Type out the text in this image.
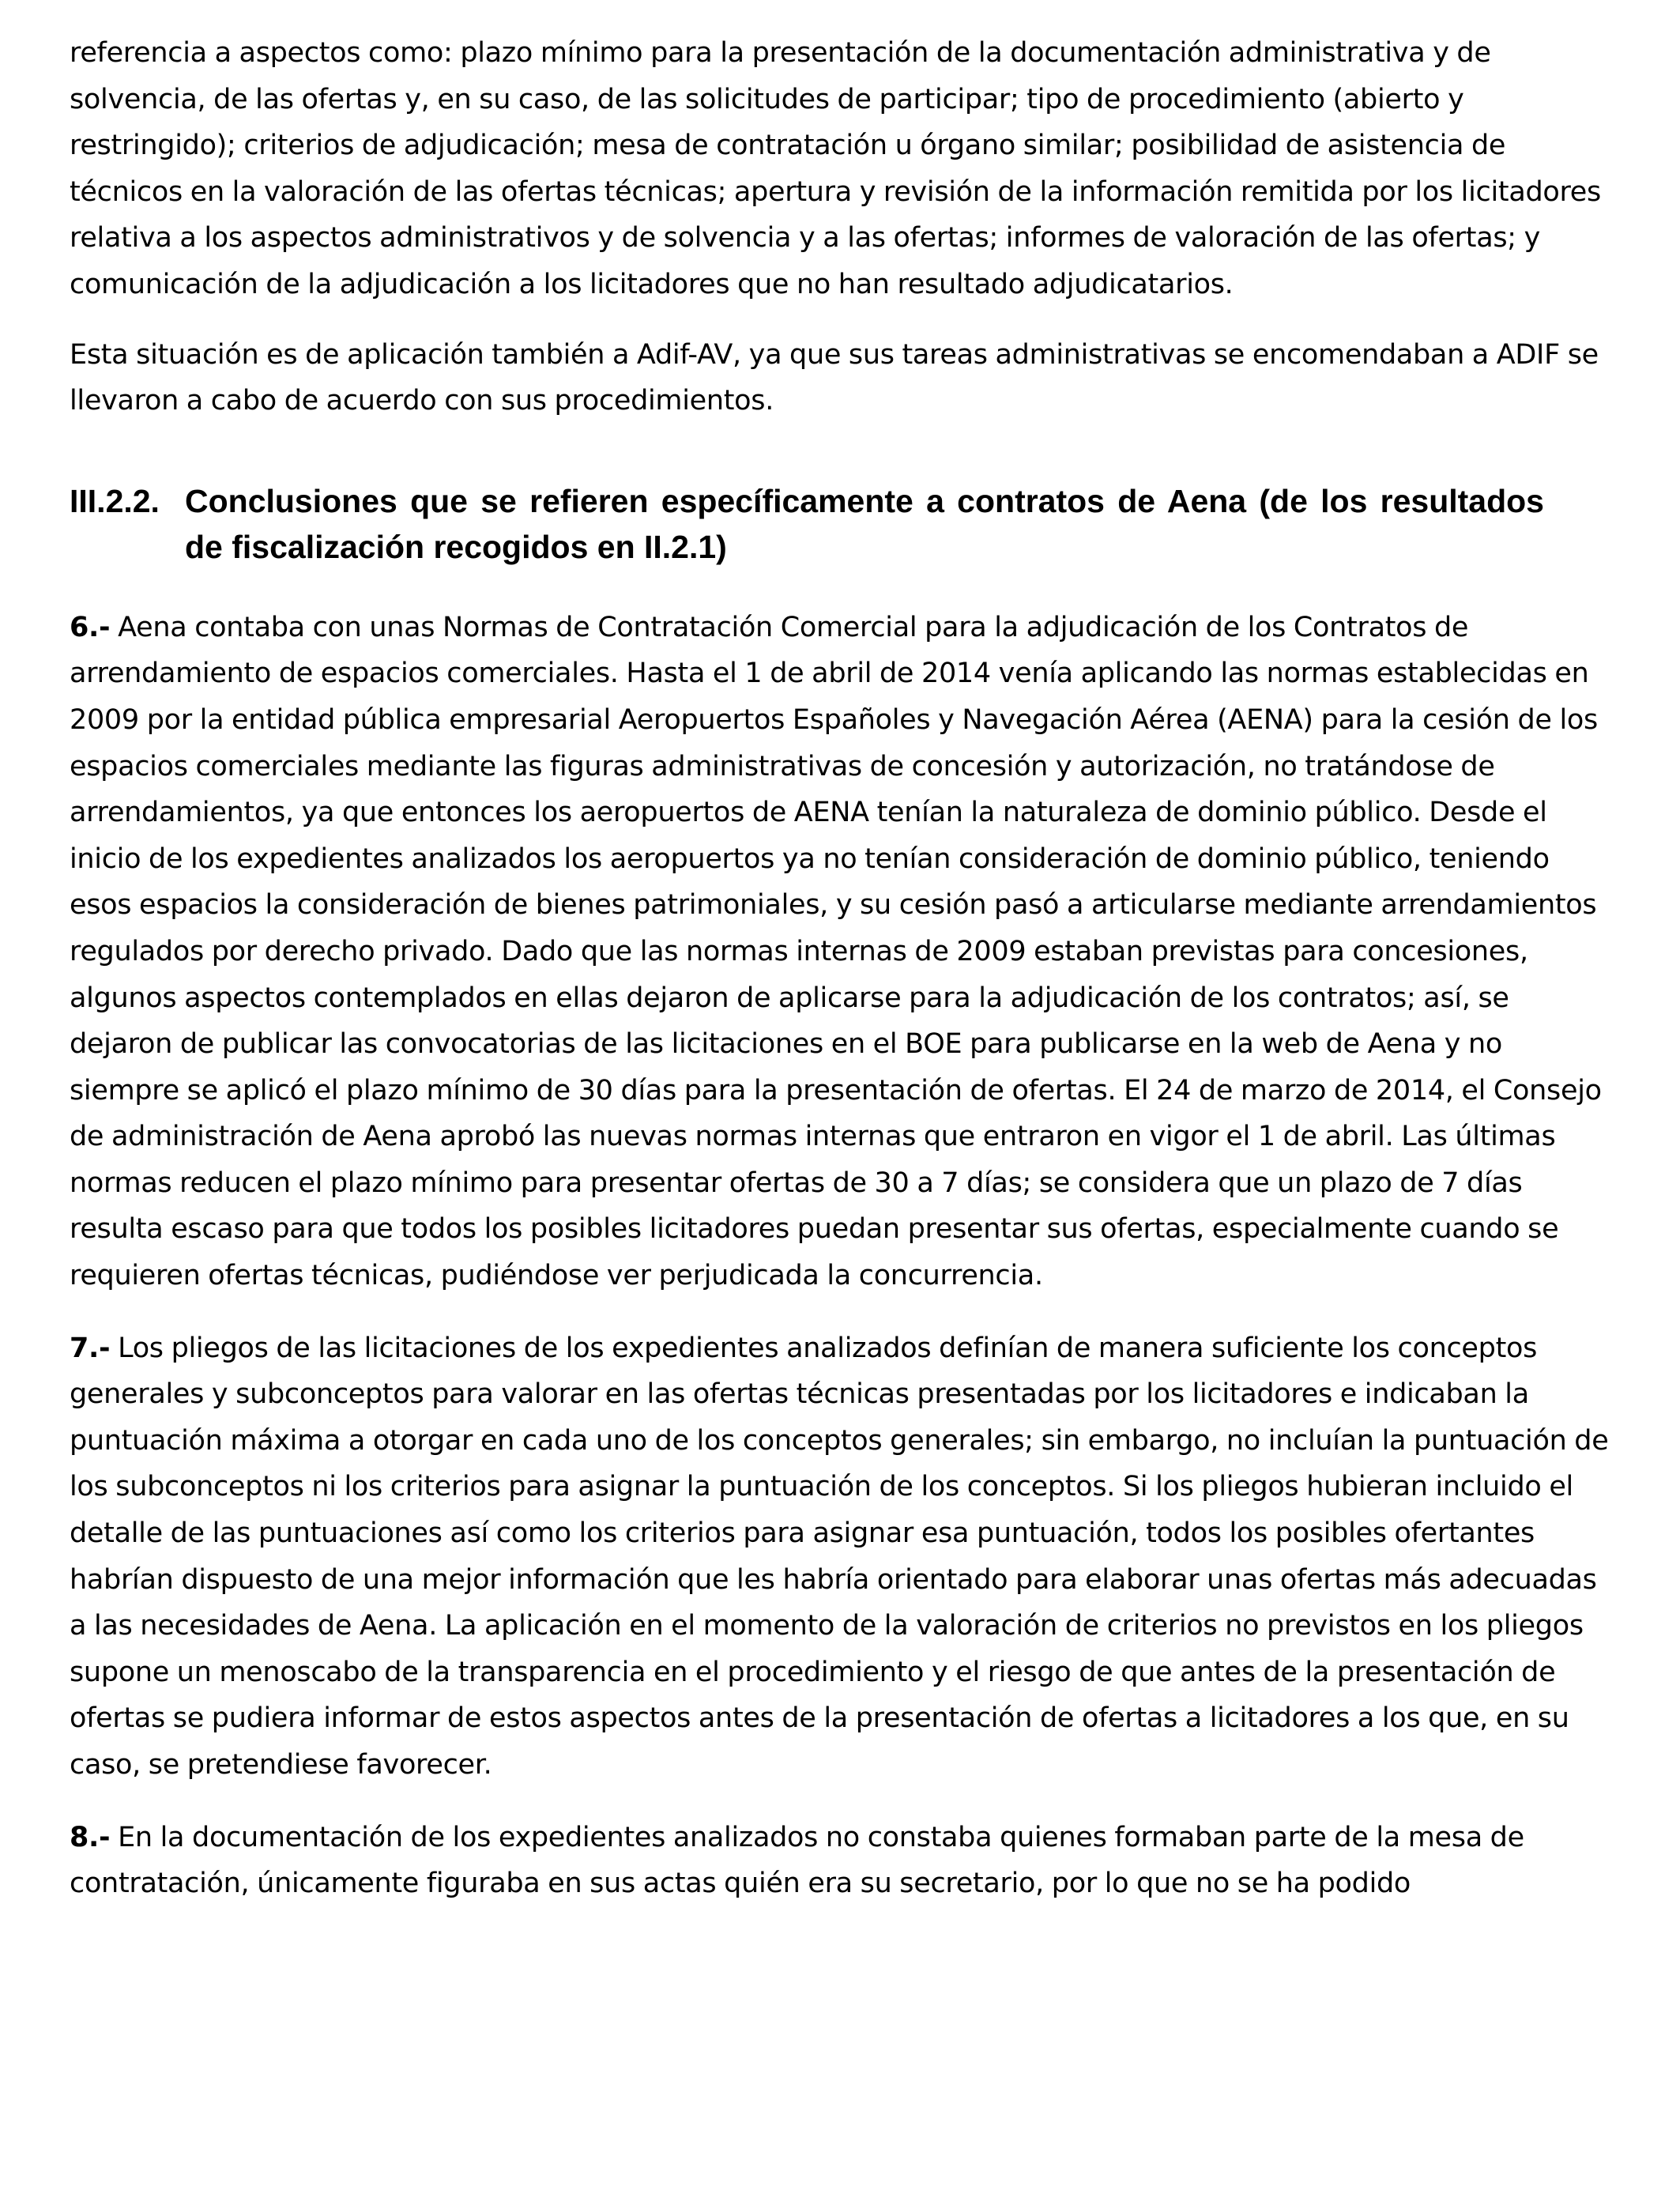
referencia a aspectos como: plazo mínimo para la presentación de la documentación administrativa y de solvencia, de las ofertas y, en su caso, de las solicitudes de participar; tipo de procedimiento (abierto y restringido); criterios de adjudicación; mesa de contratación u órgano similar; posibilidad de asistencia de técnicos en la valoración de las ofertas técnicas; apertura y revisión de la información remitida por los licitadores relativa a los aspectos administrativos y de solvencia y a las ofertas; informes de valoración de las ofertas; y comunicación de la adjudicación a los licitadores que no han resultado adjudicatarios.

Esta situación es de aplicación también a Adif-AV, ya que sus tareas administrativas se encomendaban a ADIF se llevaron a cabo de acuerdo con sus procedimientos.

III.2.2. Conclusiones que se refieren específicamente a contratos de Aena (de los resultados de fiscalización recogidos en II.2.1)

6.- Aena contaba con unas Normas de Contratación Comercial para la adjudicación de los Contratos de arrendamiento de espacios comerciales. Hasta el 1 de abril de 2014 venía aplicando las normas establecidas en 2009 por la entidad pública empresarial Aeropuertos Españoles y Navegación Aérea (AENA) para la cesión de los espacios comerciales mediante las figuras administrativas de concesión y autorización, no tratándose de arrendamientos, ya que entonces los aeropuertos de AENA tenían la naturaleza de dominio público. Desde el inicio de los expedientes analizados los aeropuertos ya no tenían consideración de dominio público, teniendo esos espacios la consideración de bienes patrimoniales, y su cesión pasó a articularse mediante arrendamientos regulados por derecho privado. Dado que las normas internas de 2009 estaban previstas para concesiones, algunos aspectos contemplados en ellas dejaron de aplicarse para la adjudicación de los contratos; así, se dejaron de publicar las convocatorias de las licitaciones en el BOE para publicarse en la web de Aena y no siempre se aplicó el plazo mínimo de 30 días para la presentación de ofertas. El 24 de marzo de 2014, el Consejo de administración de Aena aprobó las nuevas normas internas que entraron en vigor el 1 de abril. Las últimas normas reducen el plazo mínimo para presentar ofertas de 30 a 7 días; se considera que un plazo de 7 días resulta escaso para que todos los posibles licitadores puedan presentar sus ofertas, especialmente cuando se requieren ofertas técnicas, pudiéndose ver perjudicada la concurrencia.

7.- Los pliegos de las licitaciones de los expedientes analizados definían de manera suficiente los conceptos generales y subconceptos para valorar en las ofertas técnicas presentadas por los licitadores e indicaban la puntuación máxima a otorgar en cada uno de los conceptos generales; sin embargo, no incluían la puntuación de los subconceptos ni los criterios para asignar la puntuación de los conceptos. Si los pliegos hubieran incluido el detalle de las puntuaciones así como los criterios para asignar esa puntuación, todos los posibles ofertantes habrían dispuesto de una mejor información que les habría orientado para elaborar unas ofertas más adecuadas a las necesidades de Aena. La aplicación en el momento de la valoración de criterios no previstos en los pliegos supone un menoscabo de la transparencia en el procedimiento y el riesgo de que antes de la presentación de ofertas se pudiera informar de estos aspectos antes de la presentación de ofertas a licitadores a los que, en su caso, se pretendiese favorecer.

8.- En la documentación de los expedientes analizados no constaba quienes formaban parte de la mesa de contratación, únicamente figuraba en sus actas quién era su secretario, por lo que no se ha podido
